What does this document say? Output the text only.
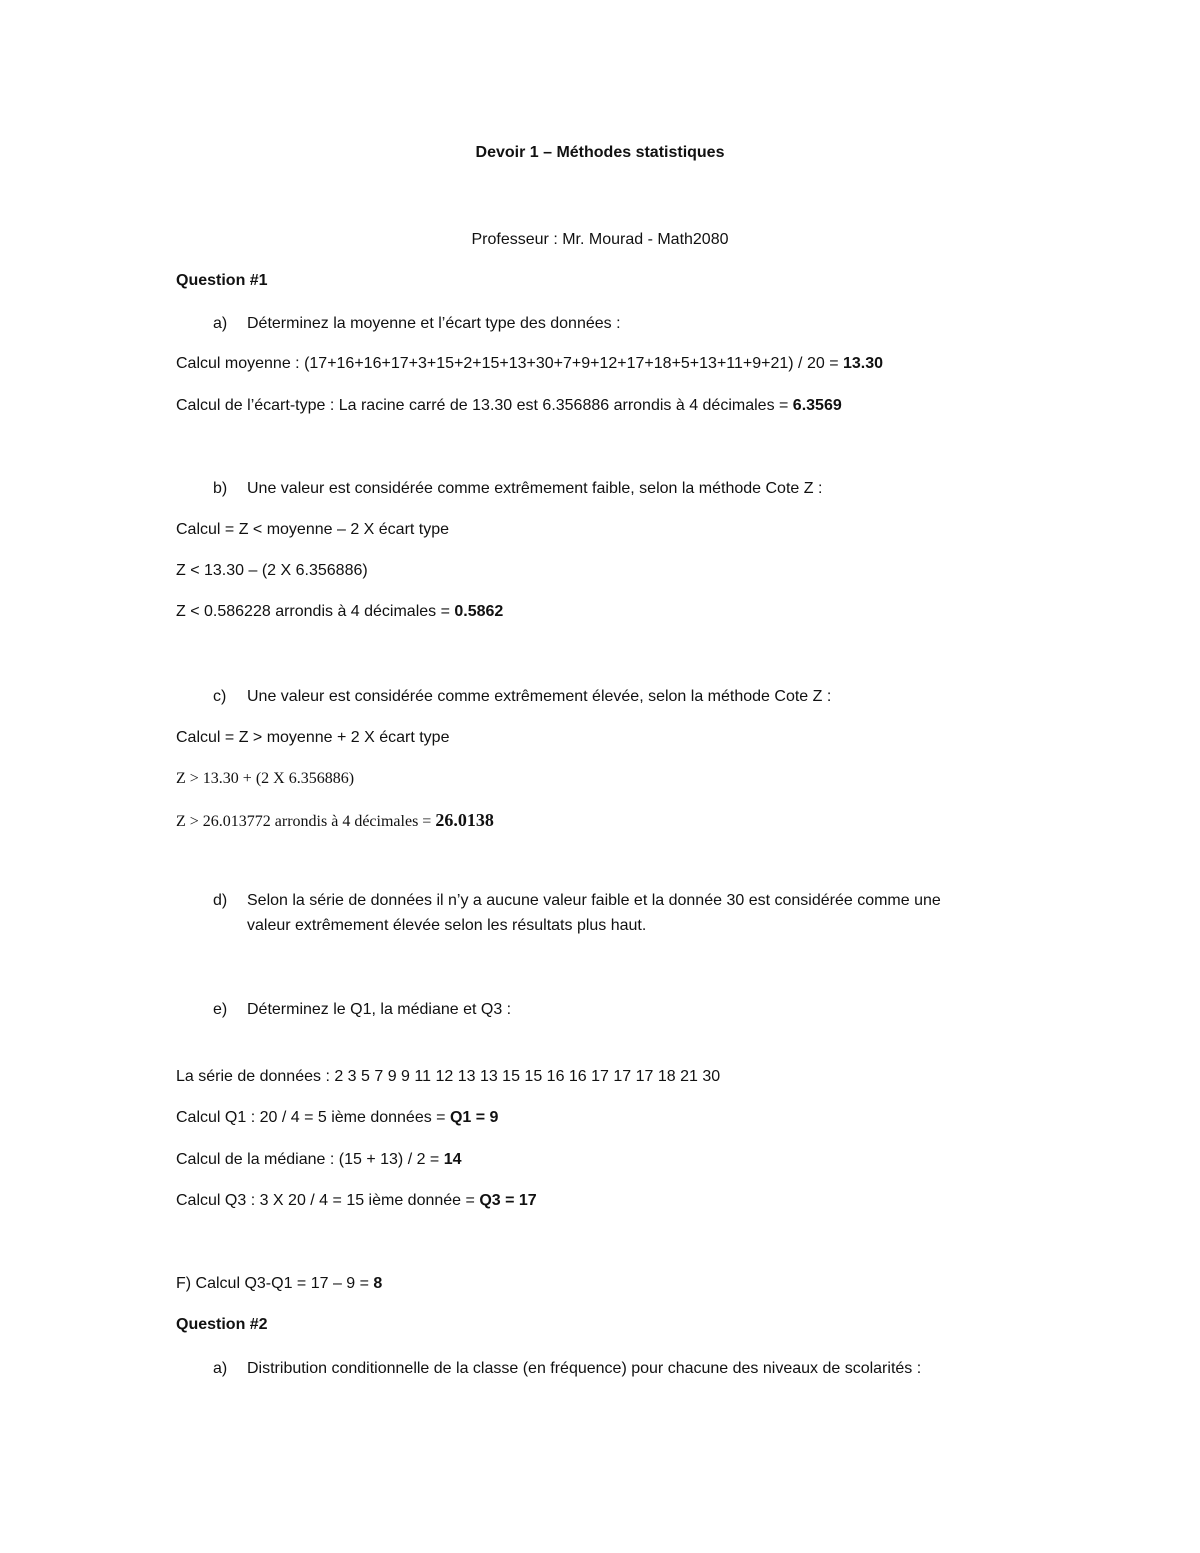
Devoir 1 – Méthodes statistiques
Professeur : Mr. Mourad - Math2080
Question #1
a) Déterminez la moyenne et l’écart type des données :
Calcul moyenne : (17+16+16+17+3+15+2+15+13+30+7+9+12+17+18+5+13+11+9+21) / 20 = 13.30
Calcul de l’écart-type : La racine carré de 13.30 est 6.356886 arrondis à 4 décimales = 6.3569
b) Une valeur est considérée comme extrêmement faible, selon la méthode Cote Z :
Calcul = Z < moyenne – 2 X écart type
Z < 13.30 – (2 X 6.356886)
Z < 0.586228 arrondis à 4 décimales = 0.5862
c) Une valeur est considérée comme extrêmement élevée, selon la méthode Cote Z :
Calcul = Z > moyenne + 2 X écart type
Z > 13.30 + (2 X 6.356886)
Z > 26.013772 arrondis à 4 décimales = 26.0138
d) Selon la série de données il n’y a aucune valeur faible et la donnée 30 est considérée comme une
valeur extrêmement élevée selon les résultats plus haut.
e) Déterminez le Q1, la médiane et Q3 :
La série de données : 2 3 5 7 9 9 11 12 13 13 15 15 16 16 17 17 17 18 21 30
Calcul Q1 : 20 / 4 = 5 ième données = Q1 = 9
Calcul de la médiane : (15 + 13) / 2 = 14
Calcul Q3 : 3 X 20 / 4 = 15 ième donnée = Q3 = 17
F) Calcul Q3-Q1 = 17 – 9 = 8
Question #2
a) Distribution conditionnelle de la classe (en fréquence) pour chacune des niveaux de scolarités :
